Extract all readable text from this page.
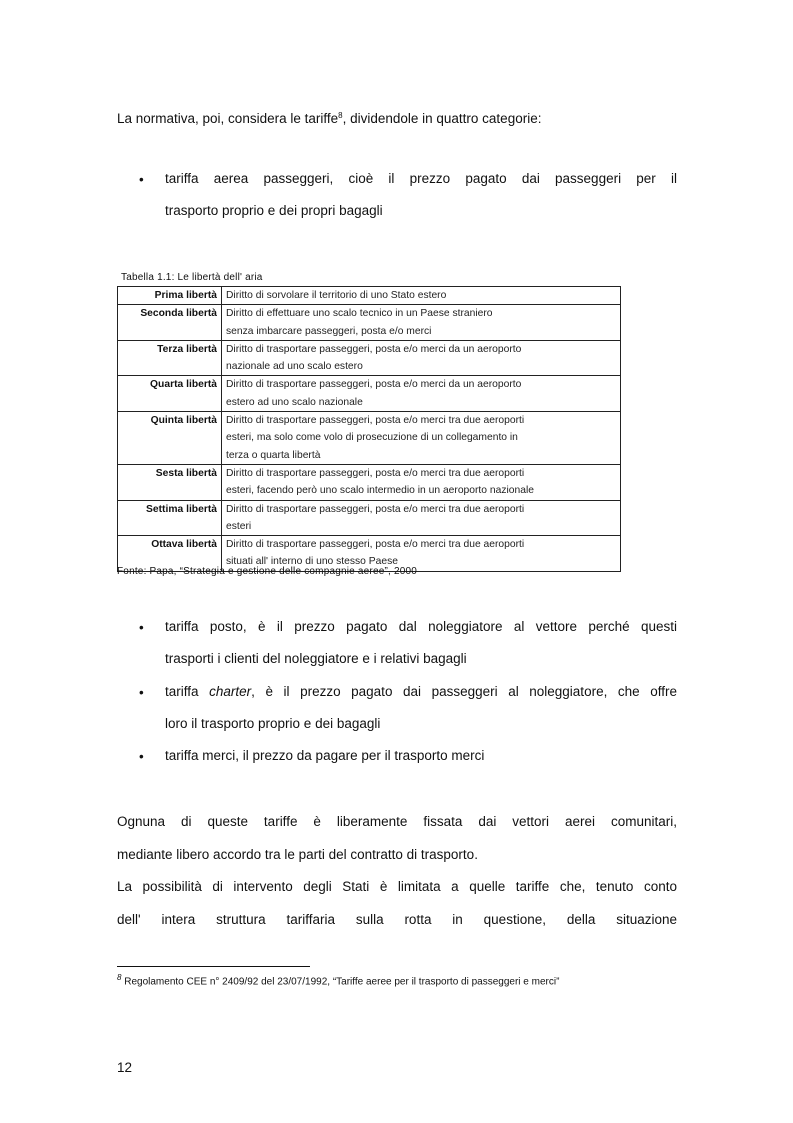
La normativa, poi, considera le tariffe$^8$, dividendole in quattro categorie:
•	tariffa aerea passeggeri, cioè il prezzo pagato dai passeggeri per il
trasporto proprio e dei propri bagagli
Tabella 1.1: Le libertà dell' aria
Prima libertà	Diritto di sorvolare il territorio di uno Stato estero

Seconda libertà	Diritto di effettuare uno scalo tecnico in un Paese straniero
senza imbarcare passeggeri, posta e/o merci

Terza libertà	Diritto di trasportare passeggeri, posta e/o merci da un aeroporto
nazionale ad uno scalo estero

Quarta libertà	Diritto di trasportare passeggeri, posta e/o merci da un aeroporto
estero ad uno scalo nazionale

Quinta libertà	Diritto di trasportare passeggeri, posta e/o merci tra due aeroporti
esteri, ma solo come volo di prosecuzione di un collegamento in
terza o quarta libertà

Sesta libertà	Diritto di trasportare passeggeri, posta e/o merci tra due aeroporti
esteri, facendo però uno scalo intermedio in un aeroporto nazionale

Settima libertà	Diritto di trasportare passeggeri, posta e/o merci tra due aeroporti
esteri

Ottava libertà	Diritto di trasportare passeggeri, posta e/o merci tra due aeroporti
situati all' interno di uno stesso Paese
Fonte: Papa, “Strategia e gestione delle compagnie aeree”, 2000
•	tariffa posto, è il prezzo pagato dal noleggiatore al vettore perché questi
trasporti i clienti del noleggiatore e i relativi bagagli
•	tariffa charter, è il prezzo pagato dai passeggeri al noleggiatore, che offre
loro il trasporto proprio e dei bagagli
•	tariffa merci, il prezzo da pagare per il trasporto merci
Ognuna di queste tariffe è liberamente fissata dai vettori aerei comunitari,
mediante libero accordo tra le parti del contratto di trasporto.
La possibilità di intervento degli Stati è limitata a quelle tariffe che, tenuto conto
dell' intera struttura tariffaria sulla rotta in questione, della situazione
$^8$ Regolamento CEE n° 2409/92 del 23/07/1992, “Tariffe aeree per il trasporto di passeggeri e merci”
12
